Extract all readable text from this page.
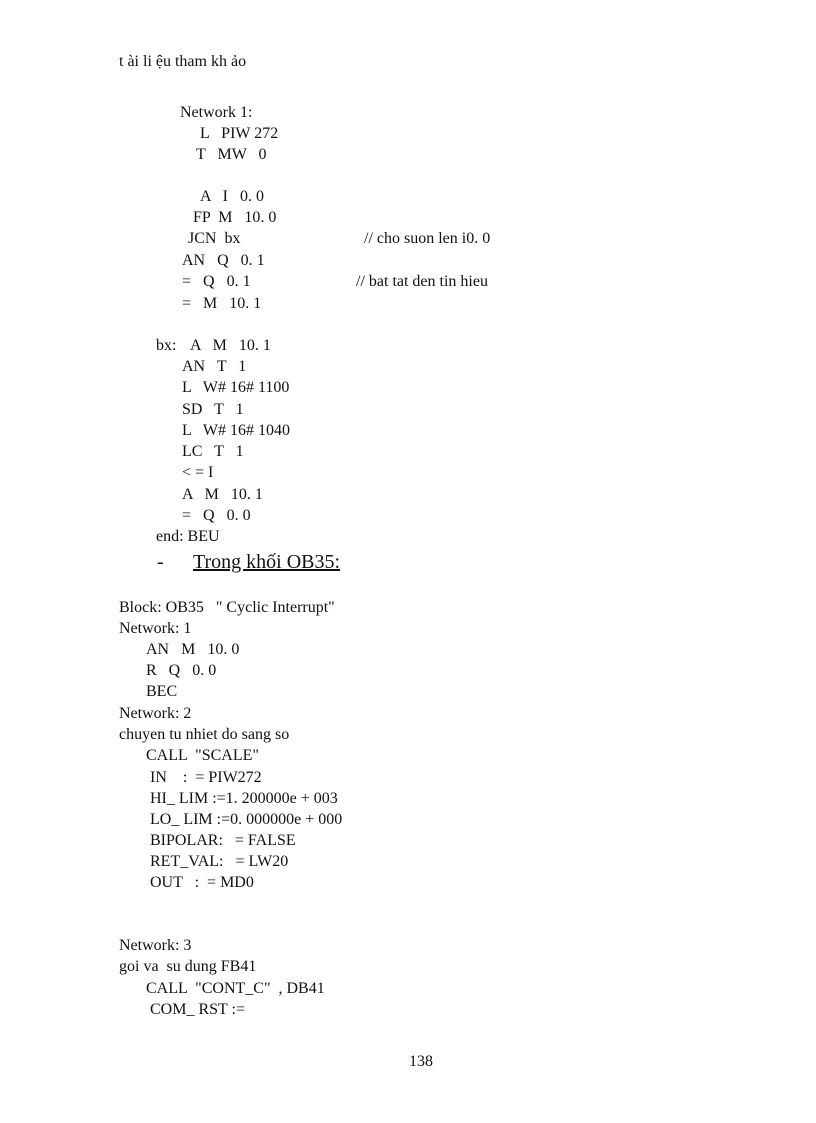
t ài li ệu tham kh ảo
Network 1:
L   PIW 272
T   MW   0
A   I   0. 0
FP  M   10. 0
JCN  bx	// cho suon len i0. 0
AN   Q   0. 1
=   Q   0. 1	// bat tat den tin hieu
=   M   10. 1
bx: A   M   10. 1
AN   T   1
L   W# 16# 1100
SD   T   1
L   W# 16# 1040
LC   T   1
< = I
A   M   10. 1
=   Q   0. 0
end: BEU

-

Trong khối OB35:

Block: OB35   " Cyclic Interrupt"
Network: 1
AN   M   10. 0
R   Q   0. 0
BEC
Network: 2
chuyen tu nhiet do sang so
CALL  "SCALE"
IN    :  = PIW272
HI_ LIM :=1. 200000e + 003
LO_ LIM :=0. 000000e + 000
BIPOLAR:   = FALSE
RET_VAL:   = LW20
OUT   :  = MD0
Network: 3
goi va  su dung FB41
CALL  "CONT_C"  , DB41
COM_ RST :=
138
